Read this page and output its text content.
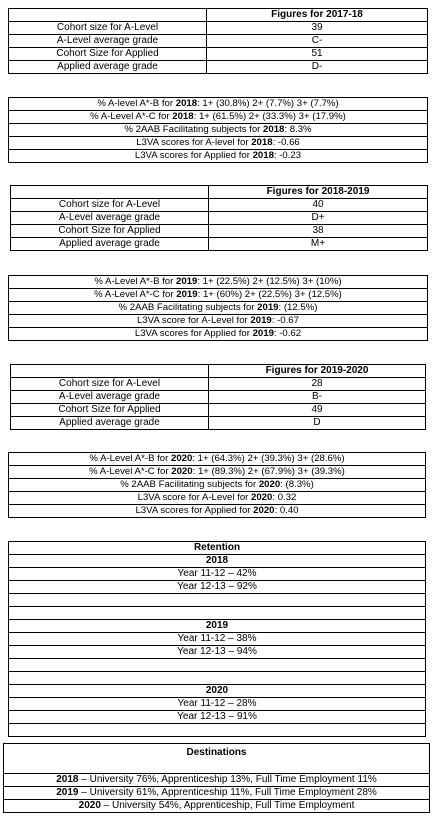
	Figures for 2017-18
Cohort size for A-Level	39
A-Level average grade	C-
Cohort Size for Applied	51
Applied average grade	D-
% A-level A*-B for 2018: 1+ (30.8%) 2+ (7.7%) 3+ (7.7%)
% A-Level A*-C for 2018: 1+ (61.5%) 2+ (33.3%) 3+ (17.9%)
% 2AAB Facilitating subjects for 2018: 8.3%
L3VA scores for A-level for 2018: -0.66
L3VA scores for Applied for 2018: -0.23
	Figures for 2018-2019
Cohort size for A-Level	40
A-Level average grade	D+
Cohort Size for Applied	38
Applied average grade	M+
% A-Level A*-B for 2019: 1+ (22.5%) 2+ (12.5%) 3+ (10%)
% A-Level A*-C for 2019: 1+ (60%) 2+ (22.5%) 3+ (12.5%)
% 2AAB Facilitating subjects for 2019: (12.5%)
L3VA score for A-Level for 2019: -0.67
L3VA scores for Applied for 2019: -0.62
	Figures for 2019-2020
Cohort size for A-Level	28
A-Level average grade	B-
Cohort Size for Applied	49
Applied average grade	D
% A-Level A*-B for 2020: 1+ (64.3%) 2+ (39.3%) 3+ (28.6%)
% A-Level A*-C for 2020: 1+ (89.3%) 2+ (67.9%) 3+ (39.3%)
% 2AAB Facilitating subjects for 2020: (8.3%)
L3VA score for A-Level for 2020: 0.32
L3VA scores for Applied for 2020: 0.40
Retention
2018
Year 11-12 – 42%
Year 12-13 – 92%

2019
Year 11-12 – 38%
Year 12-13 – 94%

2020
Year 11-12 – 28%
Year 12-13 – 91%

Destinations
2018 – University 76%, Apprenticeship 13%, Full Time Employment 11%
2019 – University 61%, Apprenticeship 11%, Full Time Employment 28%
2020 – University 54%, Apprenticeship, Full Time Employment
